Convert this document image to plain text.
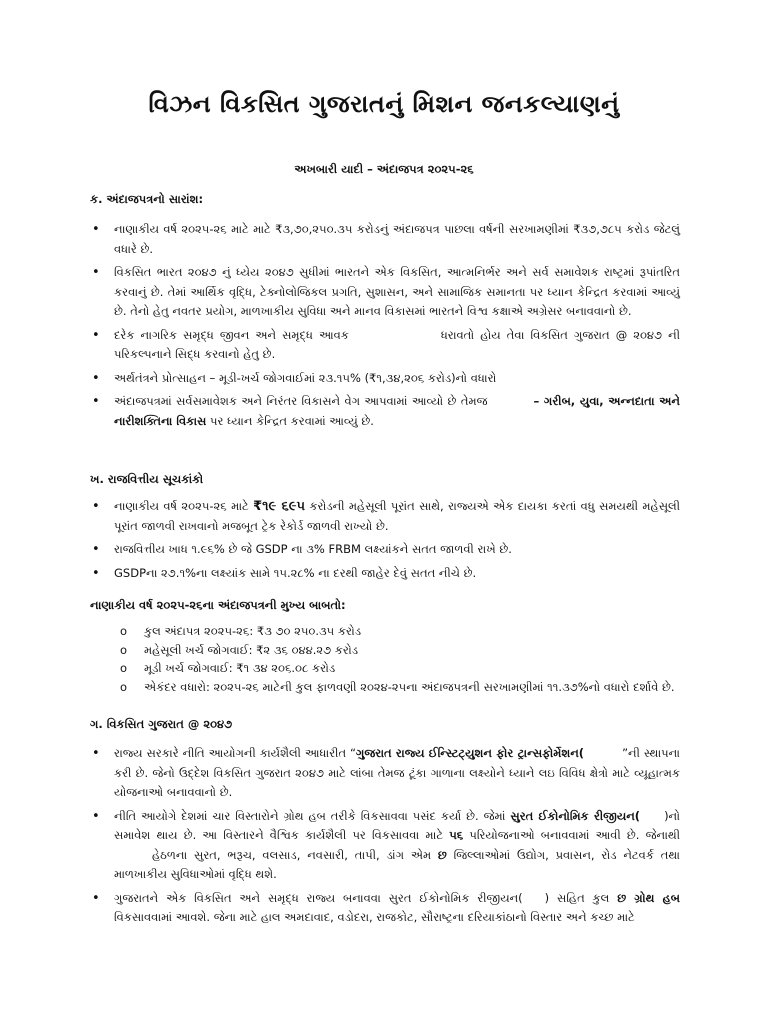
વિઝન વિકસિત ગુજરાતનું મિશન જનકલ્યાણનું
અખબારી યાદી – અંદાજપત્ર ૨૦૨૫-૨૬
ક. અંદાજપત્રનો સારાંશ:
• નાણાકીય વર્ષ ૨૦૨૫-૨૬ માટે માટે ₹૩,૭૦,૨૫૦.૩૫ કરોડનું અંદાજપત્ર પાછલા વર્ષની સરખામણીમાં ₹૩૭,૭૮૫ કરોડ જેટલું વધારે છે.
• વિકસિત ભારત ૨૦૪૭ નું ધ્યેય ૨૦૪૭ સુધીમાં ભારતને એક વિકસિત, આત્મનિર્ભર અને સર્વ સમાવેશક રાષ્ટ્રમાં રૂપાંતરિત કરવાનું છે. તેમાં આર્થિક વૃદ્ધિ, ટેક્નોલોજિકલ પ્રગતિ, સુશાસન, અને સામાજિક સમાનતા પર ધ્યાન કેન્દ્રિત કરવામાં આવ્યું છે. તેનો હેતુ નવતર પ્રયોગ, માળખાકીય સુવિધા અને માનવ વિકાસમાં ભારતને વિશ્વ કક્ષાએ અગ્રેસર બનાવવાનો છે.
• દરેક નાગરિક સમૃદ્ધ જીવન અને સમૃદ્ધ આવક	ધરાવતો હોય તેવા વિકસિત ગુજરાત @ ૨૦૪૭ ની પરિકલ્પનાને સિદ્ધ કરવાનો હેતુ છે.
• અર્થતંત્રને પ્રોત્સાહન – મૂડી-ખર્ચ જોગવાઈમાં ૨૩.૧૫% (₹૧,૩૪,૨૦૬ કરોડ)નો વધારો
• અંદાજપત્રમાં સર્વસમાવેશક અને નિરંતર વિકાસને વેગ આપવામાં આવ્યો છે તેમજ	– ગરીબ, યુવા, અન્નદાતા અને નારીશક્તિના વિકાસ પર ધ્યાન કેન્દ્રિત કરવામાં આવ્યું છે.
ખ. રાજવિત્તીય સૂચકાંકો
• નાણાકીય વર્ષ ૨૦૨૫-૨૬ માટે ₹૧૯ ૬૯૫ કરોડની મહેસૂલી પૂરાંત સાથે, રાજ્યએ એક દાયકા કરતાં વધુ સમયથી મહેસૂલી પૂરાંત જાળવી રાખવાનો મજબૂત ટ્રેક રેકોર્ડ જાળવી રાખ્યો છે.
• રાજવિત્તીય ખાધ ૧.૯૬% છે જે GSDP ના ૩% FRBM લક્ષ્યાંકને સતત જાળવી રાખે છે.
• GSDPના ૨૭.૧%ના લક્ષ્યાંક સામે ૧૫.૨૮% ના દરથી જાહેર દેવું સતત નીચે છે.
નાણાકીય વર્ષ ૨૦૨૫-૨૬ના અંદાજપત્રની મુખ્ય બાબતો:
o કુલ અંદાપત્ર ૨૦૨૫-૨૬: ₹૩ ૭૦ ૨૫૦.૩૫ કરોડ
o મહેસૂલી ખર્ચ જોગવાઈ: ₹૨ ૩૬ ૦૪૪.૨૭ કરોડ
o મૂડી ખર્ચ જોગવાઈ: ₹૧ ૩૪ ૨૦૬.૦૮ કરોડ
o એકંદર વધારો: ૨૦૨૫-૨૬ માટેની કુલ ફાળવણી ૨૦૨૪-૨૫ના અંદાજપત્રની સરખામણીમાં ૧૧.૩૭%નો વધારો દર્શાવે છે.
ગ. વિકસિત ગુજરાત @ ૨૦૪૭
• રાજ્ય સરકારે નીતિ આયોગની કાર્યશૈલી આધારીત “ગુજરાત રાજ્ય ઈન્સ્ટિટ્યુશન ફોર ટ્રાન્સફોર્મેશન(	”ની સ્થાપના કરી છે. જેનો ઉદ્દેશ વિકસિત ગુજરાત ૨૦૪૭ માટે લાંબા તેમજ ટૂંકા ગાળાના લક્ષ્યોને ધ્યાને લઇ વિવિધ ક્ષેત્રો માટે વ્યૂહાત્મક યોજનાઓ બનાવવાનો છે.
• નીતિ આયોગે દેશમાં ચાર વિસ્તારોને ગ્રોથ હબ તરીકે વિકસાવવા પસંદ કર્યા છે. જેમાં સુરત ઈકોનોમિક રીજીયન( )નો સમાવેશ થાય છે. આ વિસ્તારને વૈશ્વિક કાર્યશૈલી પર વિકસાવવા માટે ૫૬ પરિયોજનાઓ બનાવવામાં આવી છે. જેનાથીહેઠળના સુરત, ભરૂચ, વલસાડ, નવસારી, તાપી, ડાંગ એમ છ જિલ્લાઓમાં ઉદ્યોગ, પ્રવાસન, રોડ નેટવર્ક તથા માળખાકીય સુવિધાઓમાં વૃદ્ધિ થશે.
• ગુજરાતને એક વિકસિત અને સમૃદ્ધ રાજ્ય બનાવવા સુરત ઈકોનોમિક રીજીયન( ) સહિત કુલ છ ગ્રોથ હબ વિકસાવવામાં આવશે. જેના માટે હાલ અમદાવાદ, વડોદરા, રાજકોટ, સૌરાષ્ટ્રના દરિયાકાંઠાનો વિસ્તાર અને કચ્છ માટે
